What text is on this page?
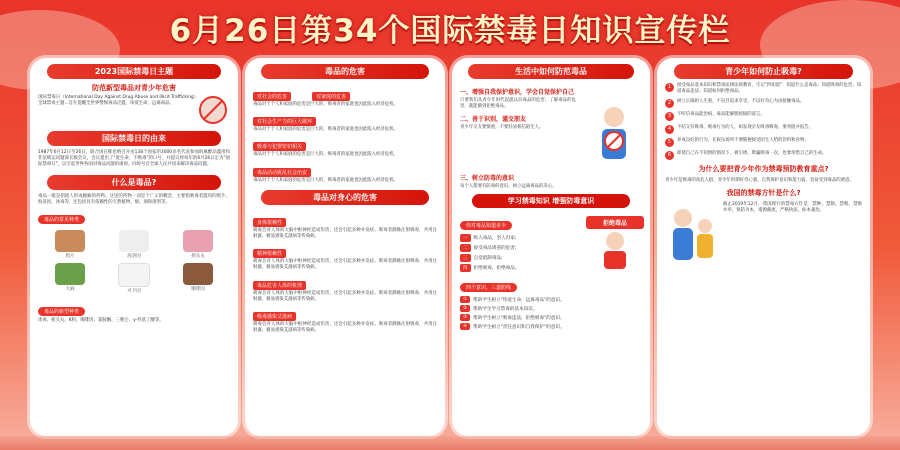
6月26日第34个国际禁毒日知识宣传栏
2023国际禁毒日主题
防范新型毒品对青少年危害
国际禁毒日（International Day Against Drug Abuse and Illicit Trafficking）全球禁毒主题...旨在提醒全世界警惕毒品泛滥，珍爱生命，远离毒品。
国际禁毒日的由来
1987年6月12日至26日，联合国在维也纳召开由138个国家的3000多名代表参加的麻醉品滥用和非法贩运问题部长级会议，会议提出了"爱生命，不吸毒"的口号，并提议将每年的6月26日定为"国际禁毒日"，以引起世界各国对毒品问题的重视，同时号召全球人民共同来解决毒品问题。
什么是毒品?
毒品一般是指使人形成瘾癖的药物。这里的药物一词是个广义的概念，主要指吸毒者滥用的鸦片、海洛因、冰毒等，还包括具有依赖性的天然植物、烟、酒和溶剂等。
毒品的常见种类
鸦片	海洛因	摇头丸
大麻	可卡因	咖啡因
毒品的新型种类
冰毒、摇头丸、K粉、咖啡因、氯胺酮、三唑仑、γ-羟基丁酸等。
毒品的危害
对社会的危害	对家庭的危害
毒品对于个人和家庭的危害是巨大的，吸毒者的家庭也因此陷入经济危机。
对社会生产力的巨大破坏
毒品对于个人和家庭的危害是巨大的，吸毒者的家庭也因此陷入经济危机。
吸毒与犯罪密切相关
毒品对于个人和家庭的危害是巨大的，吸毒者的家庭也因此陷入经济危机。
毒品活动扰乱社会治安
毒品对于个人和家庭的危害是巨大的，吸毒者的家庭也因此陷入经济危机。
毒品对身心的危害
身体依赖性
吸毒会对人体的大脑中枢神经造成伤害，还会引起多种并发症。吸毒者静脉注射吸毒，共用注射器，极易感染艾滋病等传染病。
精神依赖性
吸毒会对人体的大脑中枢神经造成伤害，还会引起多种并发症。吸毒者静脉注射吸毒，共用注射器，极易感染艾滋病等传染病。
毒品危害人体的机理
吸毒会对人体的大脑中枢神经造成伤害，还会引起多种并发症。吸毒者静脉注射吸毒，共用注射器，极易感染艾滋病等传染病。
吸毒感染艾滋病
吸毒会对人体的大脑中枢神经造成伤害，还会引起多种并发症。吸毒者静脉注射吸毒，共用注射器，极易感染艾滋病等传染病。
生活中如何防范毒品
一、增强自我保护意识，学会自觉保护自己
只要我们从青少年时代起就认识毒品的危害，了解毒品的危害，就能做到拒绝毒品。
二、善于识别，谨交朋友
青少年交友要慎重，不要轻易相信陌生人。
三、树立防毒的意识
每个人都要有防毒的意识，树立远离毒品的决心。
学习禁毒知识 增强防毒意识
你对毒品知道多少
一	吸入毒品，坚人归家;
二	接受毒品诱惑的危害;
三	自觉抵制毒品;
四	拒绝吸毒，拒绝毒品。
拒绝毒品
四个意识，三道防线
①	帮助学生树立"珍爱生命，远离毒品"的意识。
②	帮助学生学习禁毒的基本知识。
③	帮助学生树立"吸毒违法，拒绝吸毒"的意识。
④	帮助学生树立"责任意识和自我保护"的意识。
青少年如何防止吸毒?
1	接受毒品基本知识和禁毒法律法规教育，牢记"四知道"：知道什么是毒品；知道吸毒的危害；知道毒品违法；知道如何拒绝毒品。
2	树立正确的人生观，不盲目追求享受，不以好奇心为由接触毒品。
3	不听信毒品能治病、毒品能解脱烦恼的谣言。
4	不结交有吸毒、贩毒行为的人，如发现亲友吸毒贩毒，要劝阻并报告。
5	养成良好的行为，在娱乐场所不要随便接受陌生人给的饮料和食物。
6	即使自己在不知情的情况下，被引诱、欺骗吸毒一次，也要珍惜自己的生命。
为什么要把青少年作为禁毒预防教育重点?
青少年是吸毒的高危人群，青少年时期好奇心强，自我保护意识和能力弱，容易受到毒品的诱惑。
我国的禁毒方针是什么?
截止2019年12月，我国现行的禁毒方针是：禁种、禁制、禁贩、禁吸并举，预防为本，堵源截流，严格执法，标本兼治。
